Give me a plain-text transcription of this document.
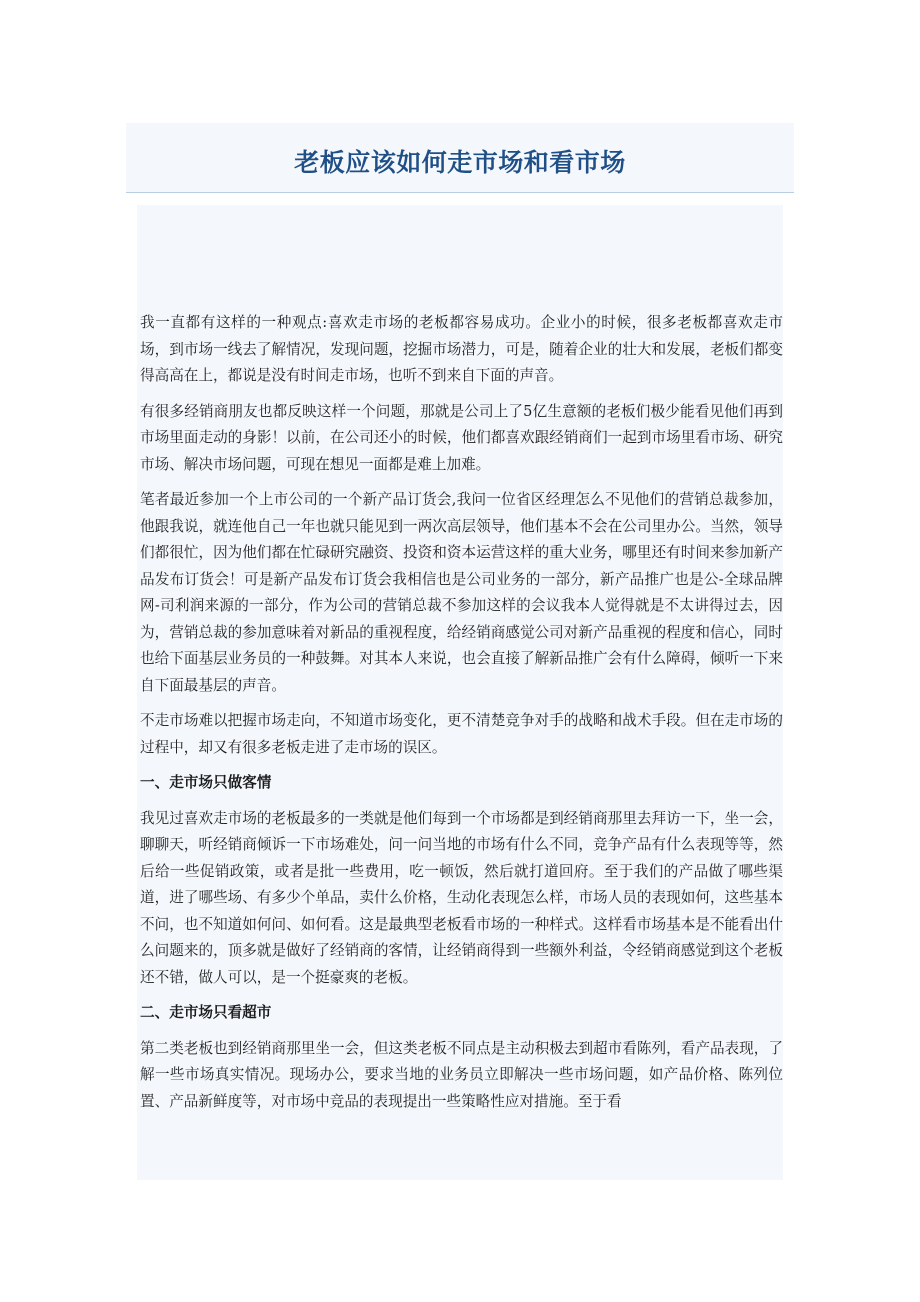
老板应该如何走市场和看市场

我一直都有这样的一种观点:喜欢走市场的老板都容易成功。企业小的时候，很多老板都喜欢走市场，到市场一线去了解情况，发现问题，挖掘市场潜力，可是，随着企业的壮大和发展，老板们都变得高高在上，都说是没有时间走市场，也听不到来自下面的声音。

有很多经销商朋友也都反映这样一个问题，那就是公司上了5亿生意额的老板们极少能看见他们再到市场里面走动的身影！以前，在公司还小的时候，他们都喜欢跟经销商们一起到市场里看市场、研究市场、解决市场问题，可现在想见一面都是难上加难。

笔者最近参加一个上市公司的一个新产品订货会,我问一位省区经理怎么不见他们的营销总裁参加，他跟我说，就连他自己一年也就只能见到一两次高层领导，他们基本不会在公司里办公。当然，领导们都很忙，因为他们都在忙碌研究融资、投资和资本运营这样的重大业务，哪里还有时间来参加新产品发布订货会！可是新产品发布订货会我相信也是公司业务的一部分，新产品推广也是公-全球品牌网-司利润来源的一部分，作为公司的营销总裁不参加这样的会议我本人觉得就是不太讲得过去，因为，营销总裁的参加意味着对新品的重视程度，给经销商感觉公司对新产品重视的程度和信心，同时也给下面基层业务员的一种鼓舞。对其本人来说，也会直接了解新品推广会有什么障碍，倾听一下来自下面最基层的声音。

不走市场难以把握市场走向，不知道市场变化，更不清楚竞争对手的战略和战术手段。但在走市场的过程中，却又有很多老板走进了走市场的误区。

一、走市场只做客情

我见过喜欢走市场的老板最多的一类就是他们每到一个市场都是到经销商那里去拜访一下，坐一会，聊聊天，听经销商倾诉一下市场难处，问一问当地的市场有什么不同，竞争产品有什么表现等等，然后给一些促销政策，或者是批一些费用，吃一顿饭，然后就打道回府。至于我们的产品做了哪些渠道，进了哪些场、有多少个单品，卖什么价格，生动化表现怎么样，市场人员的表现如何，这些基本不问，也不知道如何问、如何看。这是最典型老板看市场的一种样式。这样看市场基本是不能看出什么问题来的，顶多就是做好了经销商的客情，让经销商得到一些额外利益，令经销商感觉到这个老板还不错，做人可以，是一个挺豪爽的老板。

二、走市场只看超市

第二类老板也到经销商那里坐一会，但这类老板不同点是主动积极去到超市看陈列，看产品表现，了解一些市场真实情况。现场办公，要求当地的业务员立即解决一些市场问题，如产品价格、陈列位置、产品新鲜度等，对市场中竞品的表现提出一些策略性应对措施。至于看
